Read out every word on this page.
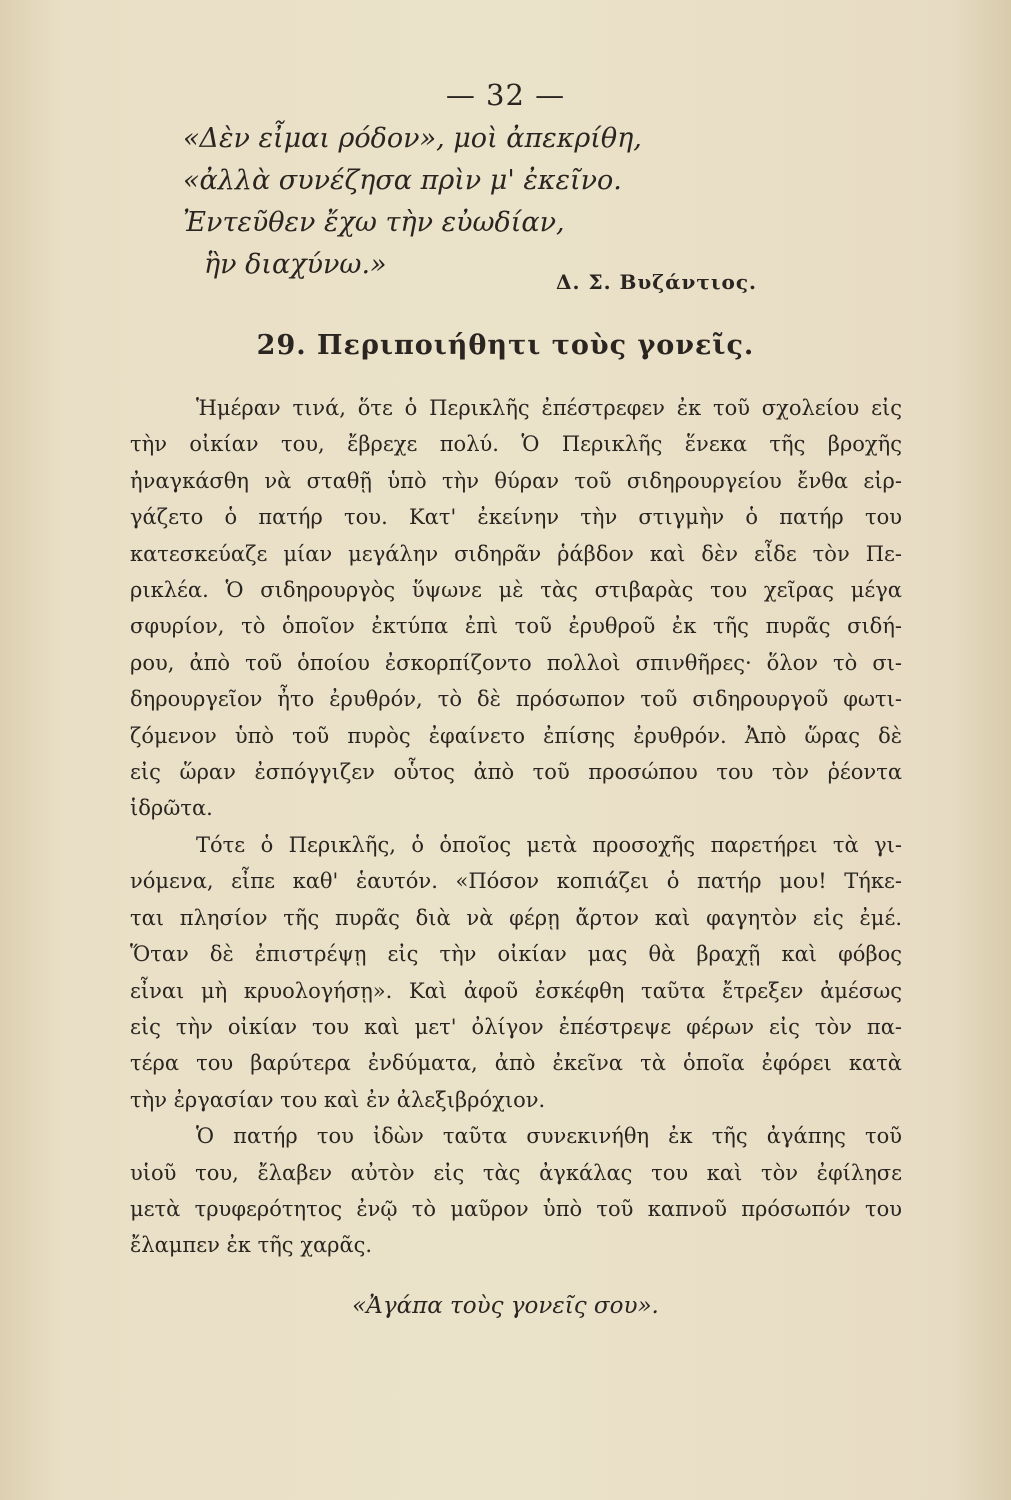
— 32 —
«Δὲν εἶμαι ρόδον», μοὶ ἀπεκρίθη,
«ἀλλὰ συνέζησα πρὶν μ' ἐκεῖνο.
Ἐντεῦθεν ἔχω τὴν εὐωδίαν,
ἣν διαχύνω.»
Δ. Σ. Βυζάντιος.
29. Περιποιήθητι τοὺς γονεῖς.
Ἡμέραν τινά, ὅτε ὁ Περικλῆς ἐπέστρεφεν ἐκ τοῦ σχολείου εἰς
τὴν οἰκίαν του, ἔβρεχε πολύ. Ὁ Περικλῆς ἕνεκα τῆς βροχῆς
ἠναγκάσθη νὰ σταθῇ ὑπὸ τὴν θύραν τοῦ σιδηρουργείου ἔνθα εἰρ-
γάζετο ὁ πατήρ του. Κατ' ἐκείνην τὴν στιγμὴν ὁ πατήρ του
κατεσκεύαζε μίαν μεγάλην σιδηρᾶν ῥάβδον καὶ δὲν εἶδε τὸν Πε-
ρικλέα. Ὁ σιδηρουργὸς ὕψωνε μὲ τὰς στιβαρὰς του χεῖρας μέγα
σφυρίον, τὸ ὁποῖον ἐκτύπα ἐπὶ τοῦ ἐρυθροῦ ἐκ τῆς πυρᾶς σιδή-
ρου, ἀπὸ τοῦ ὁποίου ἐσκορπίζοντο πολλοὶ σπινθῆρες· ὅλον τὸ σι-
δηρουργεῖον ἦτο ἐρυθρόν, τὸ δὲ πρόσωπον τοῦ σιδηρουργοῦ φωτι-
ζόμενον ὑπὸ τοῦ πυρὸς ἐφαίνετο ἐπίσης ἐρυθρόν. Ἀπὸ ὥρας δὲ
εἰς ὥραν ἐσπόγγιζεν οὗτος ἀπὸ τοῦ προσώπου του τὸν ῥέοντα
ἱδρῶτα.
Τότε ὁ Περικλῆς, ὁ ὁποῖος μετὰ προσοχῆς παρετήρει τὰ γι-
νόμενα, εἶπε καθ' ἑαυτόν. «Πόσον κοπιάζει ὁ πατήρ μου! Τήκε-
ται πλησίον τῆς πυρᾶς διὰ νὰ φέρῃ ἄρτον καὶ φαγητὸν εἰς ἐμέ.
Ὅταν δὲ ἐπιστρέψῃ εἰς τὴν οἰκίαν μας θὰ βραχῇ καὶ φόβος
εἶναι μὴ κρυολογήσῃ». Καὶ ἀφοῦ ἐσκέφθη ταῦτα ἔτρεξεν ἀμέσως
εἰς τὴν οἰκίαν του καὶ μετ' ὀλίγον ἐπέστρεψε φέρων εἰς τὸν πα-
τέρα του βαρύτερα ἐνδύματα, ἀπὸ ἐκεῖνα τὰ ὁποῖα ἐφόρει κατὰ
τὴν ἐργασίαν του καὶ ἐν ἀλεξιβρόχιον.
Ὁ πατήρ του ἰδὼν ταῦτα συνεκινήθη ἐκ τῆς ἀγάπης τοῦ
υἱοῦ του, ἔλαβεν αὐτὸν εἰς τὰς ἀγκάλας του καὶ τὸν ἐφίλησε
μετὰ τρυφερότητος ἐνῷ τὸ μαῦρον ὑπὸ τοῦ καπνοῦ πρόσωπόν του
ἔλαμπεν ἐκ τῆς χαρᾶς.
«Ἀγάπα τοὺς γονεῖς σου».
